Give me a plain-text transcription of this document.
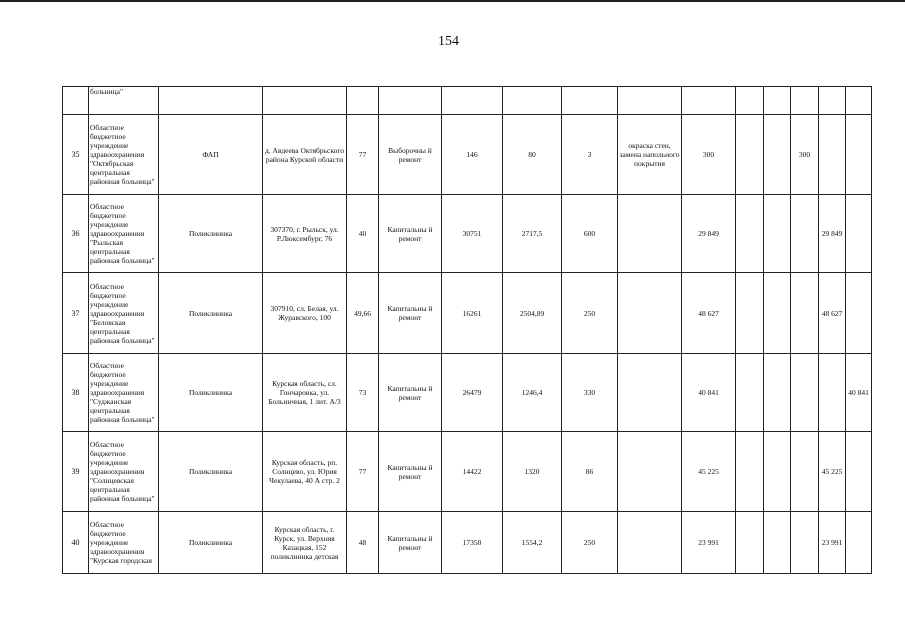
154
	больница"														
35	Областное бюджетное учреждение здравоохранения "Октябрьская центральная районная больница"	ФАП	д. Авдеева Октябрьского района Курской области	77	Выборочны й ремонт	146	80	3	окраска стен, замена напольного покрытия	300			300		
36	Областное бюджетное учреждение здравоохранения "Рыльская центральная районная больница"	Поликлиника	307370, г. Рыльск, ул. Р.Люксембург, 76	40	Капитальны й ремонт	30751	2717,5	600		29 849				29 849	
37	Областное бюджетное учреждение здравоохранения "Беловская центральная районная больница"	Поликлиника	307910, сл. Белая, ул. Журавского, 100	49,66	Капитальны й ремонт	16261	2504,89	250		48 627				48 627	
38	Областное бюджетное учреждение здравоохранения "Суджанская центральная районная больница"	Поликлиника	Курская область, сл. Гончаровка, ул. Больничная, 1 лит. А/3	73	Капитальны й ремонт	26479	1246,4	330		40 841					40 841
39	Областное бюджетное учреждение здравоохранения "Солнцевская центральная районная больница"	Поликлиника	Курская область, рп. Солнцево, ул. Юрия Чекулаева, 40 А стр. 2	77	Капитальны й ремонт	14422	1320	86		45 225				45 225	
40	Областное бюджетное учреждение здравоохранения "Курская городская	Поликлиника	Курская область, г. Курск, ул. Верхняя Казацкая, 152 поликлиника детская	48	Капитальны й ремонт	17350	1554,2	250		23 991				23 991	
